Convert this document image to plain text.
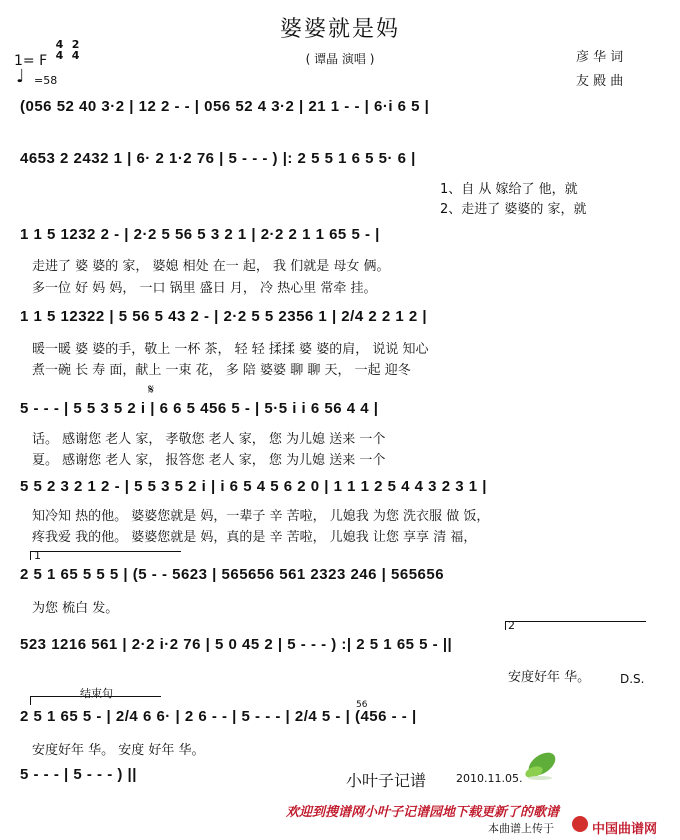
婆婆就是妈
( 谭晶 演唱 )
1= F 4
4 2
4
♩ =58
彦 华 词
友 殿 曲
(056 52 40 3·2 | 12 2 - - | 056 52 4 3·2 | 21 1 - - | 6·i 6 5 |
4653 2 2432 1 | 6· 2 1·2 76 | 5 - - - ) |: 2 5 5 1 6 5 5· 6 |
1、自 从 嫁给了 他，就
2、走进了 婆婆的 家，就
1 1 5 1232 2 - | 2·2 5 56 5 3 2 1 | 2·2 2 1 1 65 5 - |
走进了 婆 婆的 家， 婆媳 相处 在一 起， 我 们就是 母女 俩。
多一位 好 妈 妈， 一口 锅里 盛日 月， 冷 热心里 常牵 挂。
1 1 5 12322 | 5 56 5 43 2 - | 2·2 5 5 2356 1 | 2/4 2 2 1 2 |
暖一暖 婆 婆的手，敬上 一杯 茶， 轻 轻 揉揉 婆 婆的肩， 说说 知心
煮一碗 长 寿 面，献上 一束 花， 多 陪 婆婆 聊 聊 天， 一起 迎冬
𝄋
5 - - - | 5 5 3 5 2 i | 6 6 5 456 5 - | 5·5 i i 6 56 4 4 |
话。 感谢您 老人 家， 孝敬您 老人 家， 您 为儿媳 送来 一个
夏。 感谢您 老人 家， 报答您 老人 家， 您 为儿媳 送来 一个
5 5 2 3 2 1 2 - | 5 5 3 5 2 i | i 6 5 4 5 6 2 0 | 1 1 1 2 5 4 4 3 2 3 1 |
知冷知 热的他。 婆婆您就是 妈，一辈子 辛 苦啦， 儿媳我 为您 洗衣服 做 饭，
疼我爱 我的他。 婆婆您就是 妈，真的是 辛 苦啦， 儿媳我 让您 享享 清 福，
1
2 5 1 65 5 5 5 | (5 - - 5623 | 565656 561 2323 246 | 565656
为您 梳白 发。
2
523 1216 561 | 2·2 i·2 76 | 5 0 45 2 | 5 - - - ) :| 2 5 1 65 5 - ||
安度好年 华。 D.S.
结束句
56
2 5 1 65 5 - | 2/4 6 6· | 2 6 - - | 5 - - - | 2/4 5 - | (456 - - |
安度好年 华。 安度 好年 华。
5 - - - | 5 - - - ) ||	小叶子记谱	2010.11.05.
欢迎到搜谱网小叶子记谱园地下载更新了的歌谱
本曲谱上传于	中国曲谱网
